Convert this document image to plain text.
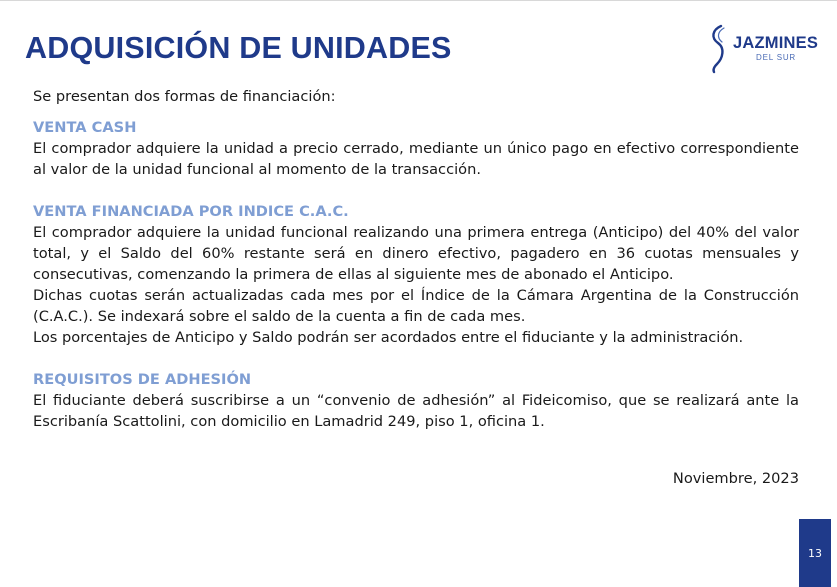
ADQUISICIÓN DE UNIDADES	JAZMINES
DEL SUR

Se presentan dos formas de financiación:

VENTA CASH

El comprador adquiere la unidad a precio cerrado, mediante un único pago en efectivo correspondiente al valor de la unidad funcional al momento de la transacción.

VENTA FINANCIADA POR INDICE C.A.C.

El comprador adquiere la unidad funcional realizando una primera entrega (Anticipo) del 40% del valor total, y el Saldo del 60% restante será en dinero efectivo, pagadero en 36 cuotas mensuales y consecutivas, comenzando la primera de ellas al siguiente mes de abonado el Anticipo.

Dichas cuotas serán actualizadas cada mes por el Índice de la Cámara Argentina de la Construcción (C.A.C.). Se indexará sobre el saldo de la cuenta a fin de cada mes.

Los porcentajes de Anticipo y Saldo podrán ser acordados entre el fiduciante y la administración.

REQUISITOS DE ADHESIÓN

El fiduciante deberá suscribirse a un “convenio de adhesión” al Fideicomiso, que se realizará ante la Escribanía Scattolini, con domicilio en Lamadrid 249, piso 1, oficina 1.

Noviembre, 2023
13
